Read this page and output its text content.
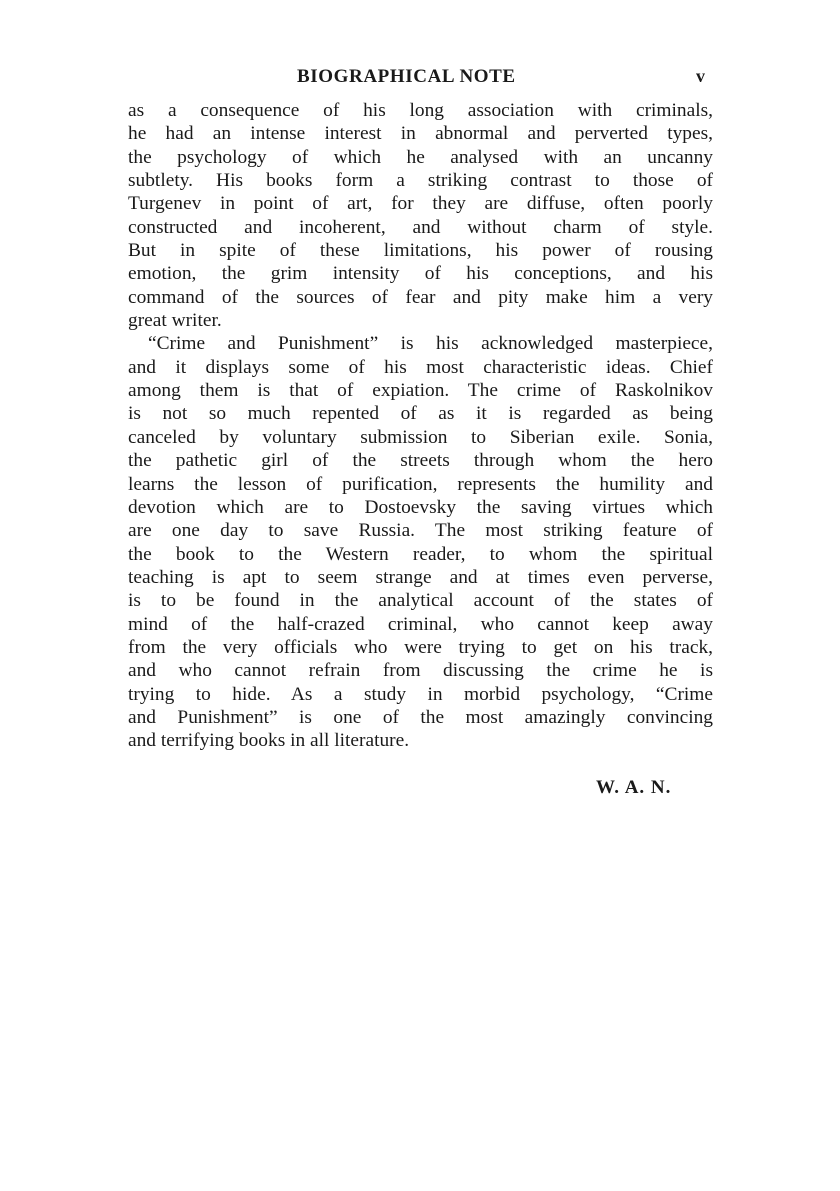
BIOGRAPHICAL NOTE	v
as a consequence of his long association with criminals,
he had an intense interest in abnormal and perverted types,
the psychology of which he analysed with an uncanny
subtlety. His books form a striking contrast to those of
Turgenev in point of art, for they are diffuse, often poorly
constructed and incoherent, and without charm of style.
But in spite of these limitations, his power of rousing
emotion, the grim intensity of his conceptions, and his
command of the sources of fear and pity make him a very
great writer.
“Crime and Punishment” is his acknowledged masterpiece,
and it displays some of his most characteristic ideas. Chief
among them is that of expiation. The crime of Raskolnikov
is not so much repented of as it is regarded as being
canceled by voluntary submission to Siberian exile. Sonia,
the pathetic girl of the streets through whom the hero
learns the lesson of purification, represents the humility and
devotion which are to Dostoevsky the saving virtues which
are one day to save Russia. The most striking feature of
the book to the Western reader, to whom the spiritual
teaching is apt to seem strange and at times even perverse,
is to be found in the analytical account of the states of
mind of the half-crazed criminal, who cannot keep away
from the very officials who were trying to get on his track,
and who cannot refrain from discussing the crime he is
trying to hide. As a study in morbid psychology, “Crime
and Punishment” is one of the most amazingly convincing
and terrifying books in all literature.
W. A. N.
